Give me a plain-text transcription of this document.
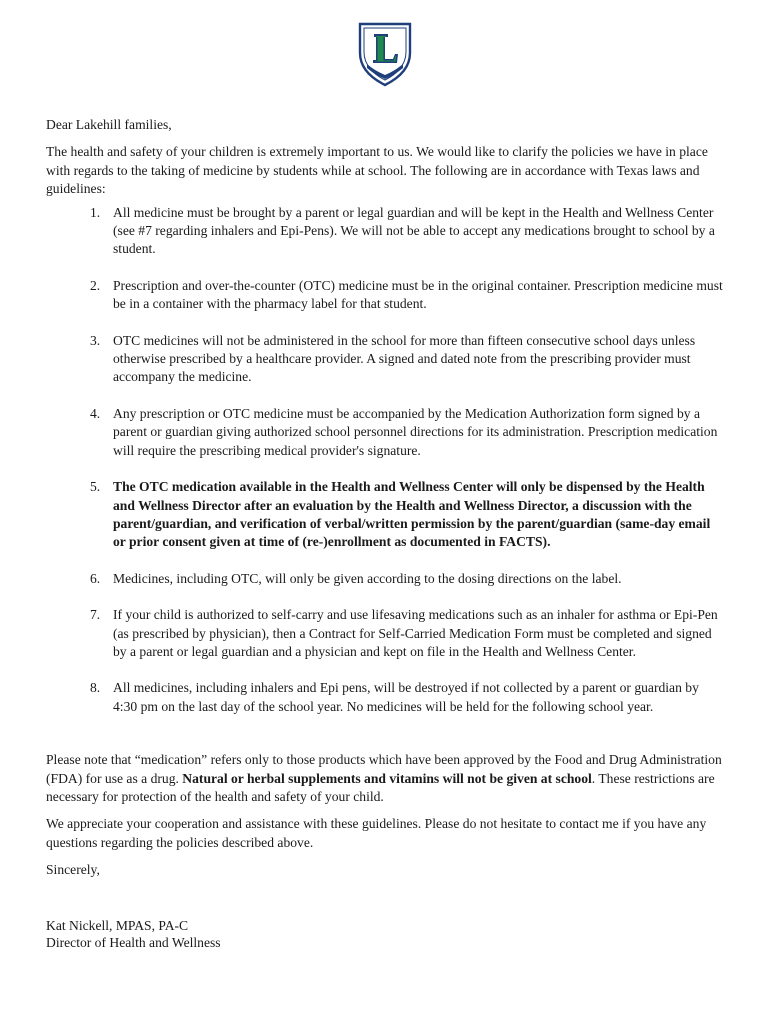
Dear Lakehill families,

The health and safety of your children is extremely important to us. We would like to clarify the policies we have in place with regards to the taking of medicine by students while at school. The following are in accordance with Texas laws and guidelines:

1. All medicine must be brought by a parent or legal guardian and will be kept in the Health and Wellness Center (see #7 regarding inhalers and Epi-Pens). We will not be able to accept any medications brought to school by a student.
2. Prescription and over-the-counter (OTC) medicine must be in the original container. Prescription medicine must be in a container with the pharmacy label for that student.
3. OTC medicines will not be administered in the school for more than fifteen consecutive school days unless otherwise prescribed by a healthcare provider. A signed and dated note from the prescribing provider must accompany the medicine.
4. Any prescription or OTC medicine must be accompanied by the Medication Authorization form signed by a parent or guardian giving authorized school personnel directions for its administration. Prescription medication will require the prescribing medical provider's signature.
5. The OTC medication available in the Health and Wellness Center will only be dispensed by the Health and Wellness Director after an evaluation by the Health and Wellness Director, a discussion with the parent/guardian, and verification of verbal/written permission by the parent/guardian (same-day email or prior consent given at time of (re-)enrollment as documented in FACTS).
6. Medicines, including OTC, will only be given according to the dosing directions on the label.
7. If your child is authorized to self-carry and use lifesaving medications such as an inhaler for asthma or Epi-Pen (as prescribed by physician), then a Contract for Self-Carried Medication Form must be completed and signed by a parent or legal guardian and a physician and kept on file in the Health and Wellness Center.
8. All medicines, including inhalers and Epi pens, will be destroyed if not collected by a parent or guardian by 4:30 pm on the last day of the school year. No medicines will be held for the following school year.

Please note that “medication” refers only to those products which have been approved by the Food and Drug Administration (FDA) for use as a drug. Natural or herbal supplements and vitamins will not be given at school. These restrictions are necessary for protection of the health and safety of your child.

We appreciate your cooperation and assistance with these guidelines. Please do not hesitate to contact me if you have any questions regarding the policies described above.

Sincerely,

Kat Nickell, MPAS, PA-C
Director of Health and Wellness
